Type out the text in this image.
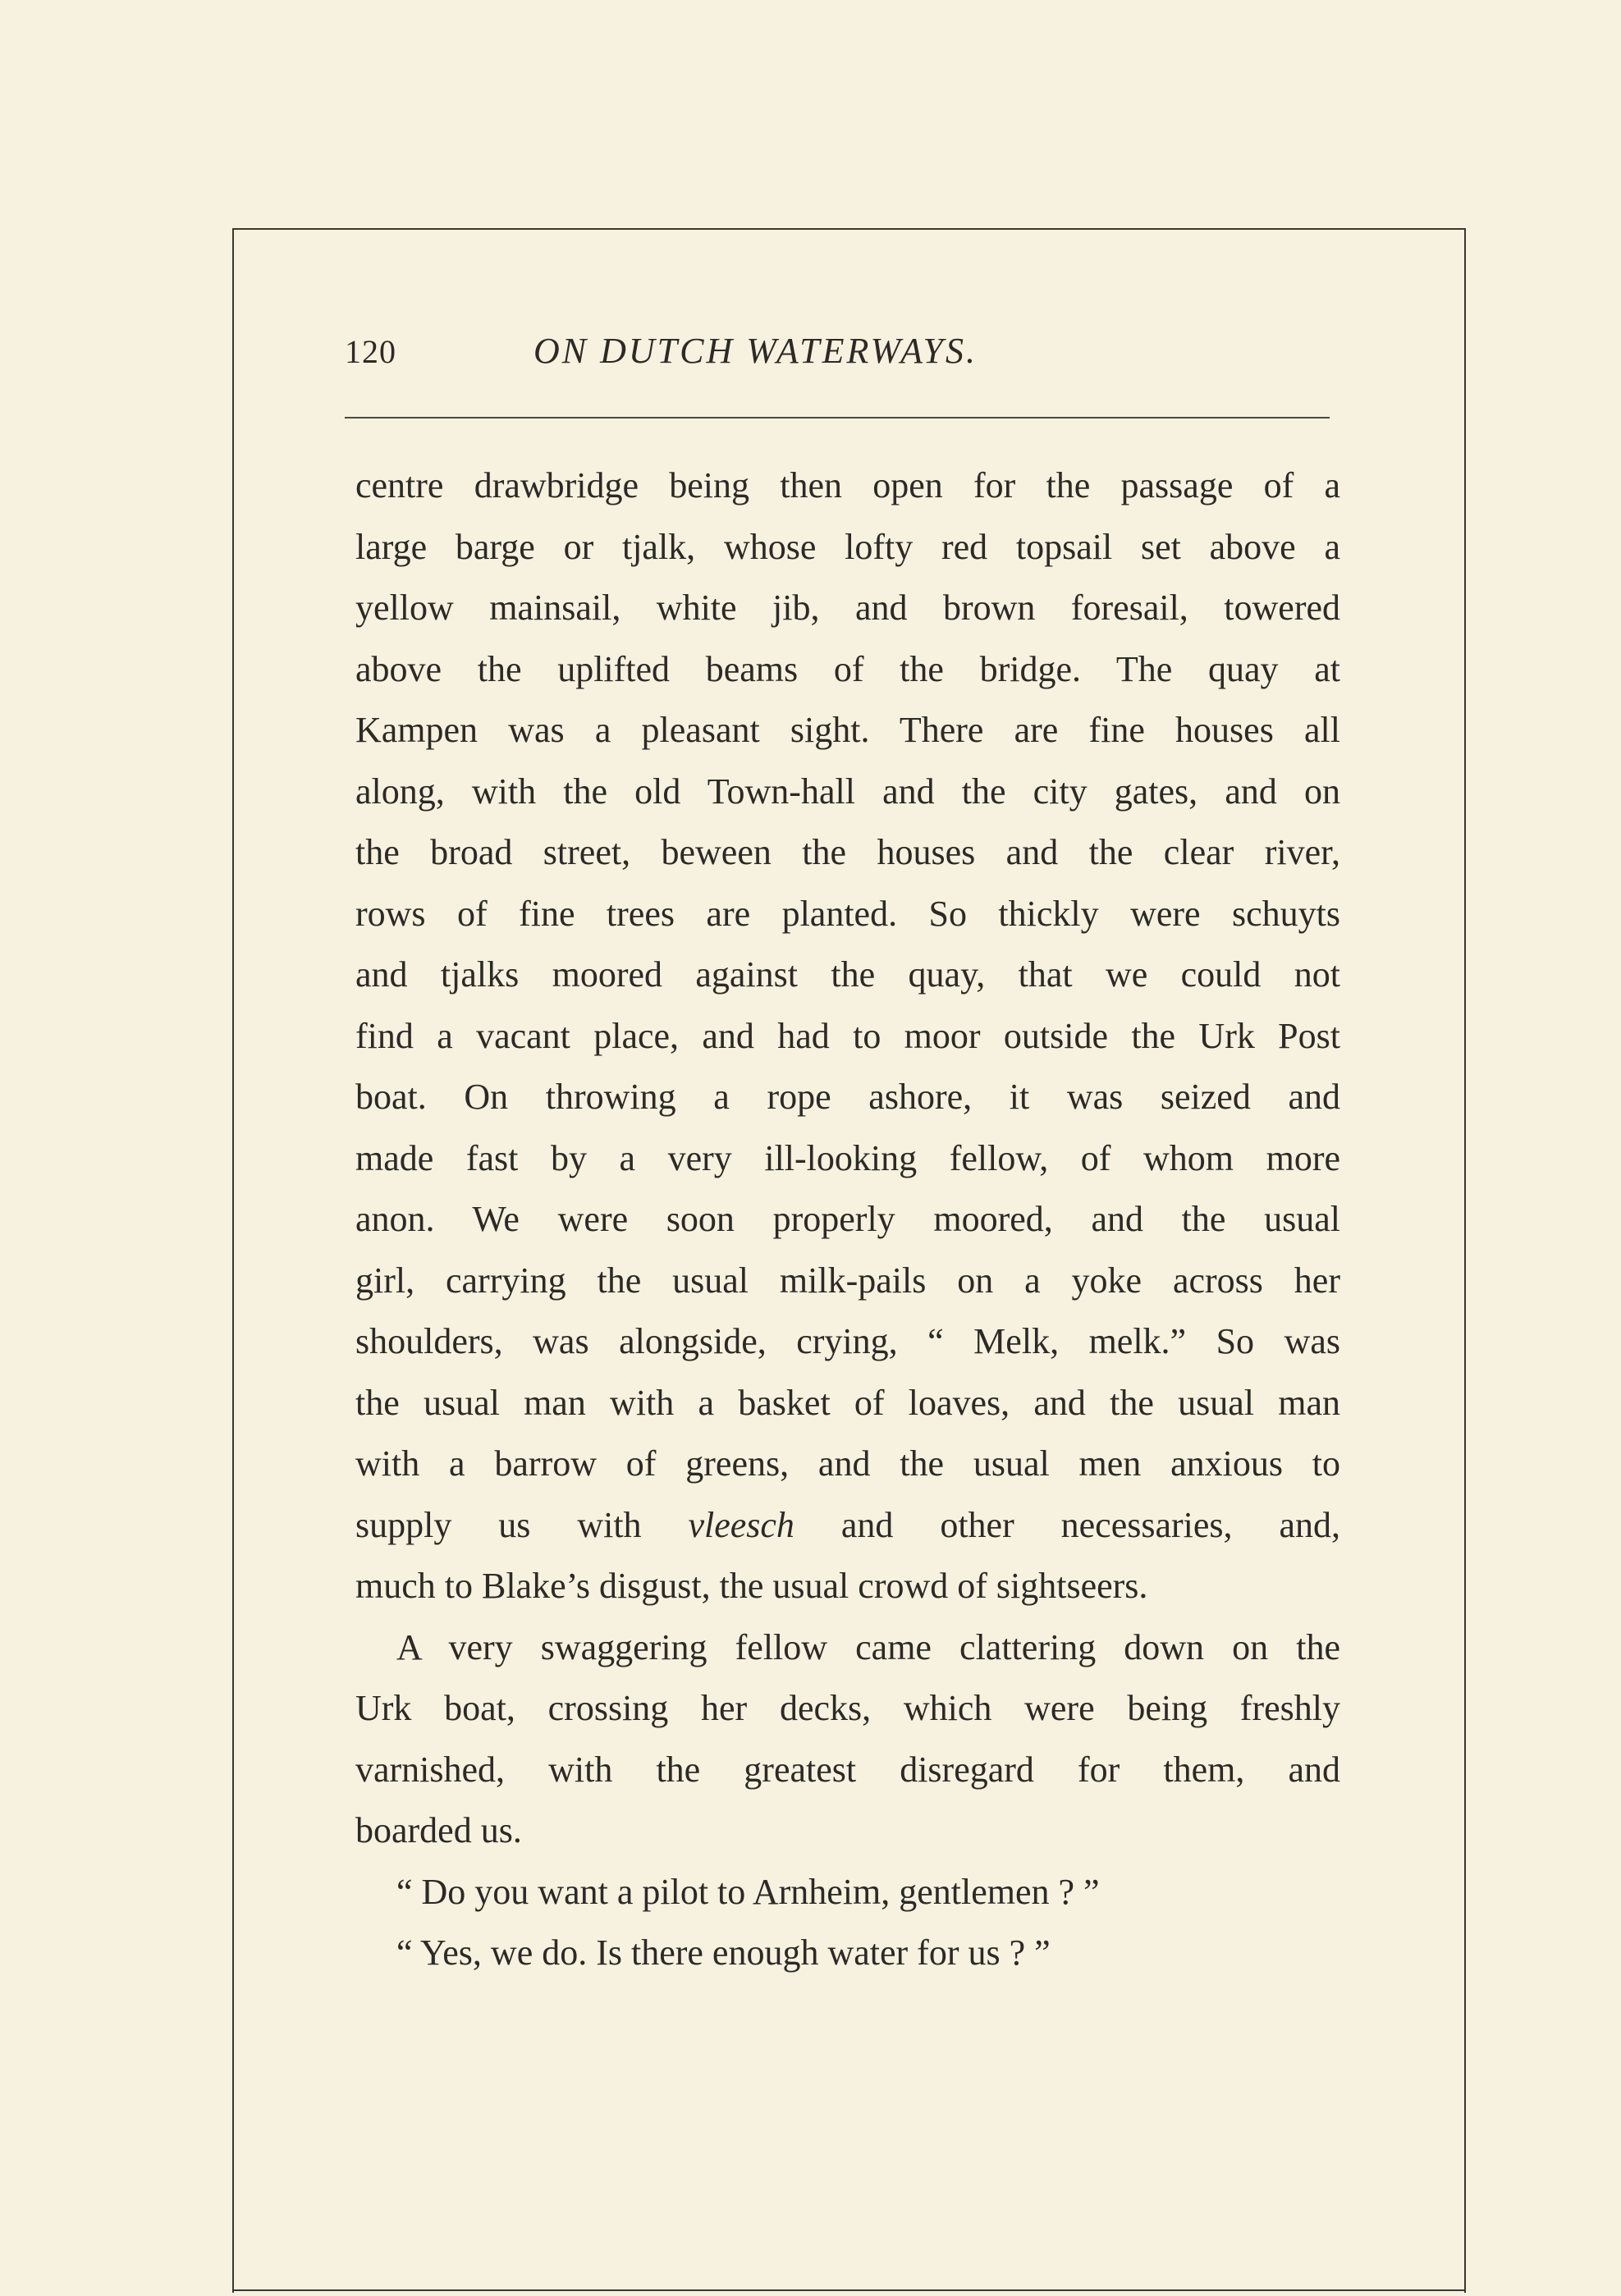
120	ON DUTCH WATERWAYS.
centre drawbridge being then open for the passage of a
large barge or tjalk, whose lofty red topsail set above a
yellow mainsail, white jib, and brown foresail, towered
above the uplifted beams of the bridge. The quay at
Kampen was a pleasant sight. There are fine houses all
along, with the old Town-hall and the city gates, and on
the broad street, beween the houses and the clear river,
rows of fine trees are planted. So thickly were schuyts
and tjalks moored against the quay, that we could not
find a vacant place, and had to moor outside the Urk Post
boat. On throwing a rope ashore, it was seized and
made fast by a very ill-looking fellow, of whom more
anon. We were soon properly moored, and the usual
girl, carrying the usual milk-pails on a yoke across her
shoulders, was alongside, crying, “ Melk, melk.” So was
the usual man with a basket of loaves, and the usual man
with a barrow of greens, and the usual men anxious to
supply us with vleesch and other necessaries, and,
much to Blake’s disgust, the usual crowd of sightseers.
A very swaggering fellow came clattering down on the
Urk boat, crossing her decks, which were being freshly
varnished, with the greatest disregard for them, and
boarded us.
“ Do you want a pilot to Arnheim, gentlemen ? ”
“ Yes, we do. Is there enough water for us ? ”
